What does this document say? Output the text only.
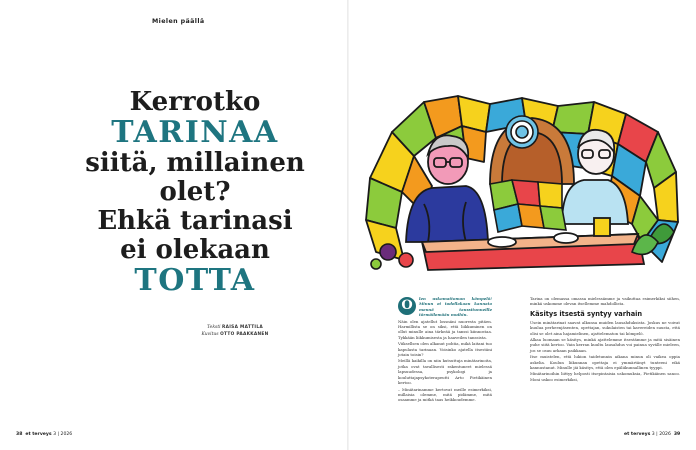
Mielen päällä
Kerrotko
TARINAA
siitä, millainen
olet?
Ehkä tarinasi
ei olekaan
TOTTA
Teksti RAISA MATTILA
Kuvitus OTTO PAAKKANEN
38 et terveys 3 | 2026	et terveys 3 | 2026 39

O	len uskomattoman kömpelö! Minun ei todellakaan kannata mennä tanssitunneille törmäilemään muihin.

Näin olen ajatellut lossnäni nuoresta pitäen. Harmillista se on siksi, että liikkuminen on ollut minulle aina tärkeää ja tanssi kiinnostaa. Tykkään liikkumisesta ja haaveilen tanssista.

Viiksellsen olen alkanut pohtia, mikä laitani tuo kapulasta tarinaan. Voisinko ajatella itsestäni jotain toisin?

Meillä kaikilla on niin kutsuttuja minätarinoita, jotka ovat tavallisesti rakentuneet mielessä lapsuudessa, psykologi ja kouluttajapsykoterapeutti Arto Pietikäinen kertoo.

– Minätarinamme kertovat meille esimerkiksi, millaisia olemme, mitä pidämme, mitä osaamme ja mitkä taas heikkoudemme.

Tarina on olemassa omassa mielessämme ja vaikuttaa esimerkiksi siihen, minkä uskomme olevan itsellemme mahdollista.

Käsitys itsestä syntyy varhain

Usein minätarinat saavat alkunsa muiden lausahduksista. Joskus ne voivat kuulua perheenjäsenten, opettajan, sukulaisten tai kavereiden suusta, että olisi se olet aina hajamielinen, ajattelematon tai kömpelö.

Alkaa luomaan se käsitys, minkä ajattelemme itsestämme ja mitä sisäinen puhe siitä kertoo. Vain kerran kuultu lausahdus voi painua syvälle mieleen, jos se osuu arkaan paikkaan.

Itse muistelen, että lukion taidetunnin aikana minun oli vaikea oppia askelia. Koulun liikunnan opettaja ei ymmärtänyt tunteeni eikä kannustanut. Minulle jäi käsitys, että olen epäliikunnallinen tyyppi.

Minätarinoihin liittyy helposti itsepintaisia uskomuksia, Pietikäinen sanoo. Moni uskoo esimerkiksi,
